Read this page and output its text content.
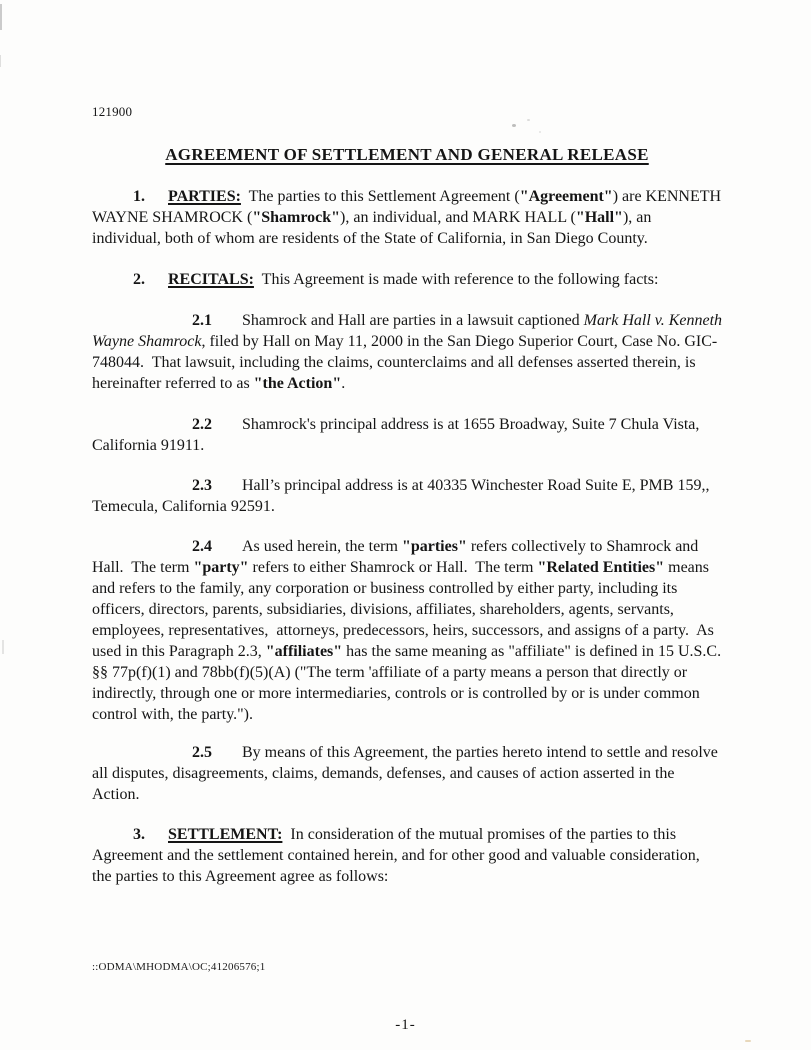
121900
AGREEMENT OF SETTLEMENT AND GENERAL RELEASE

1. PARTIES:  The parties to this Settlement Agreement ("Agreement") are KENNETH WAYNE SHAMROCK ("Shamrock"), an individual, and MARK HALL ("Hall"), an individual, both of whom are residents of the State of California, in San Diego County.

2. RECITALS:  This Agreement is made with reference to the following facts:

2.1 Shamrock and Hall are parties in a lawsuit captioned Mark Hall v. Kenneth Wayne Shamrock, filed by Hall on May 11, 2000 in the San Diego Superior Court, Case No. GIC-748044.  That lawsuit, including the claims, counterclaims and all defenses asserted therein, is hereinafter referred to as "the Action".

2.2 Shamrock's principal address is at 1655 Broadway, Suite 7 Chula Vista, California 91911.

2.3 Hall’s principal address is at 40335 Winchester Road Suite E, PMB 159,, Temecula, California 92591.

2.4 As used herein, the term "parties" refers collectively to Shamrock and Hall.  The term "party" refers to either Shamrock or Hall.  The term "Related Entities" means and refers to the family, any corporation or business controlled by either party, including its officers, directors, parents, subsidiaries, divisions, affiliates, shareholders, agents, servants, employees, representatives,  attorneys, predecessors, heirs, successors, and assigns of a party.  As used in this Paragraph 2.3, "affiliates" has the same meaning as "affiliate" is defined in 15 U.S.C. §§ 77p(f)(1) and 78bb(f)(5)(A) ("The term 'affiliate of a party means a person that directly or indirectly, through one or more intermediaries, controls or is controlled by or is under common control with, the party.").

2.5 By means of this Agreement, the parties hereto intend to settle and resolve all disputes, disagreements, claims, demands, defenses, and causes of action asserted in the Action.

3. SETTLEMENT:  In consideration of the mutual promises of the parties to this Agreement and the settlement contained herein, and for other good and valuable consideration, the parties to this Agreement agree as follows:

::ODMA\MHODMA\OC;41206576;1
-1-
